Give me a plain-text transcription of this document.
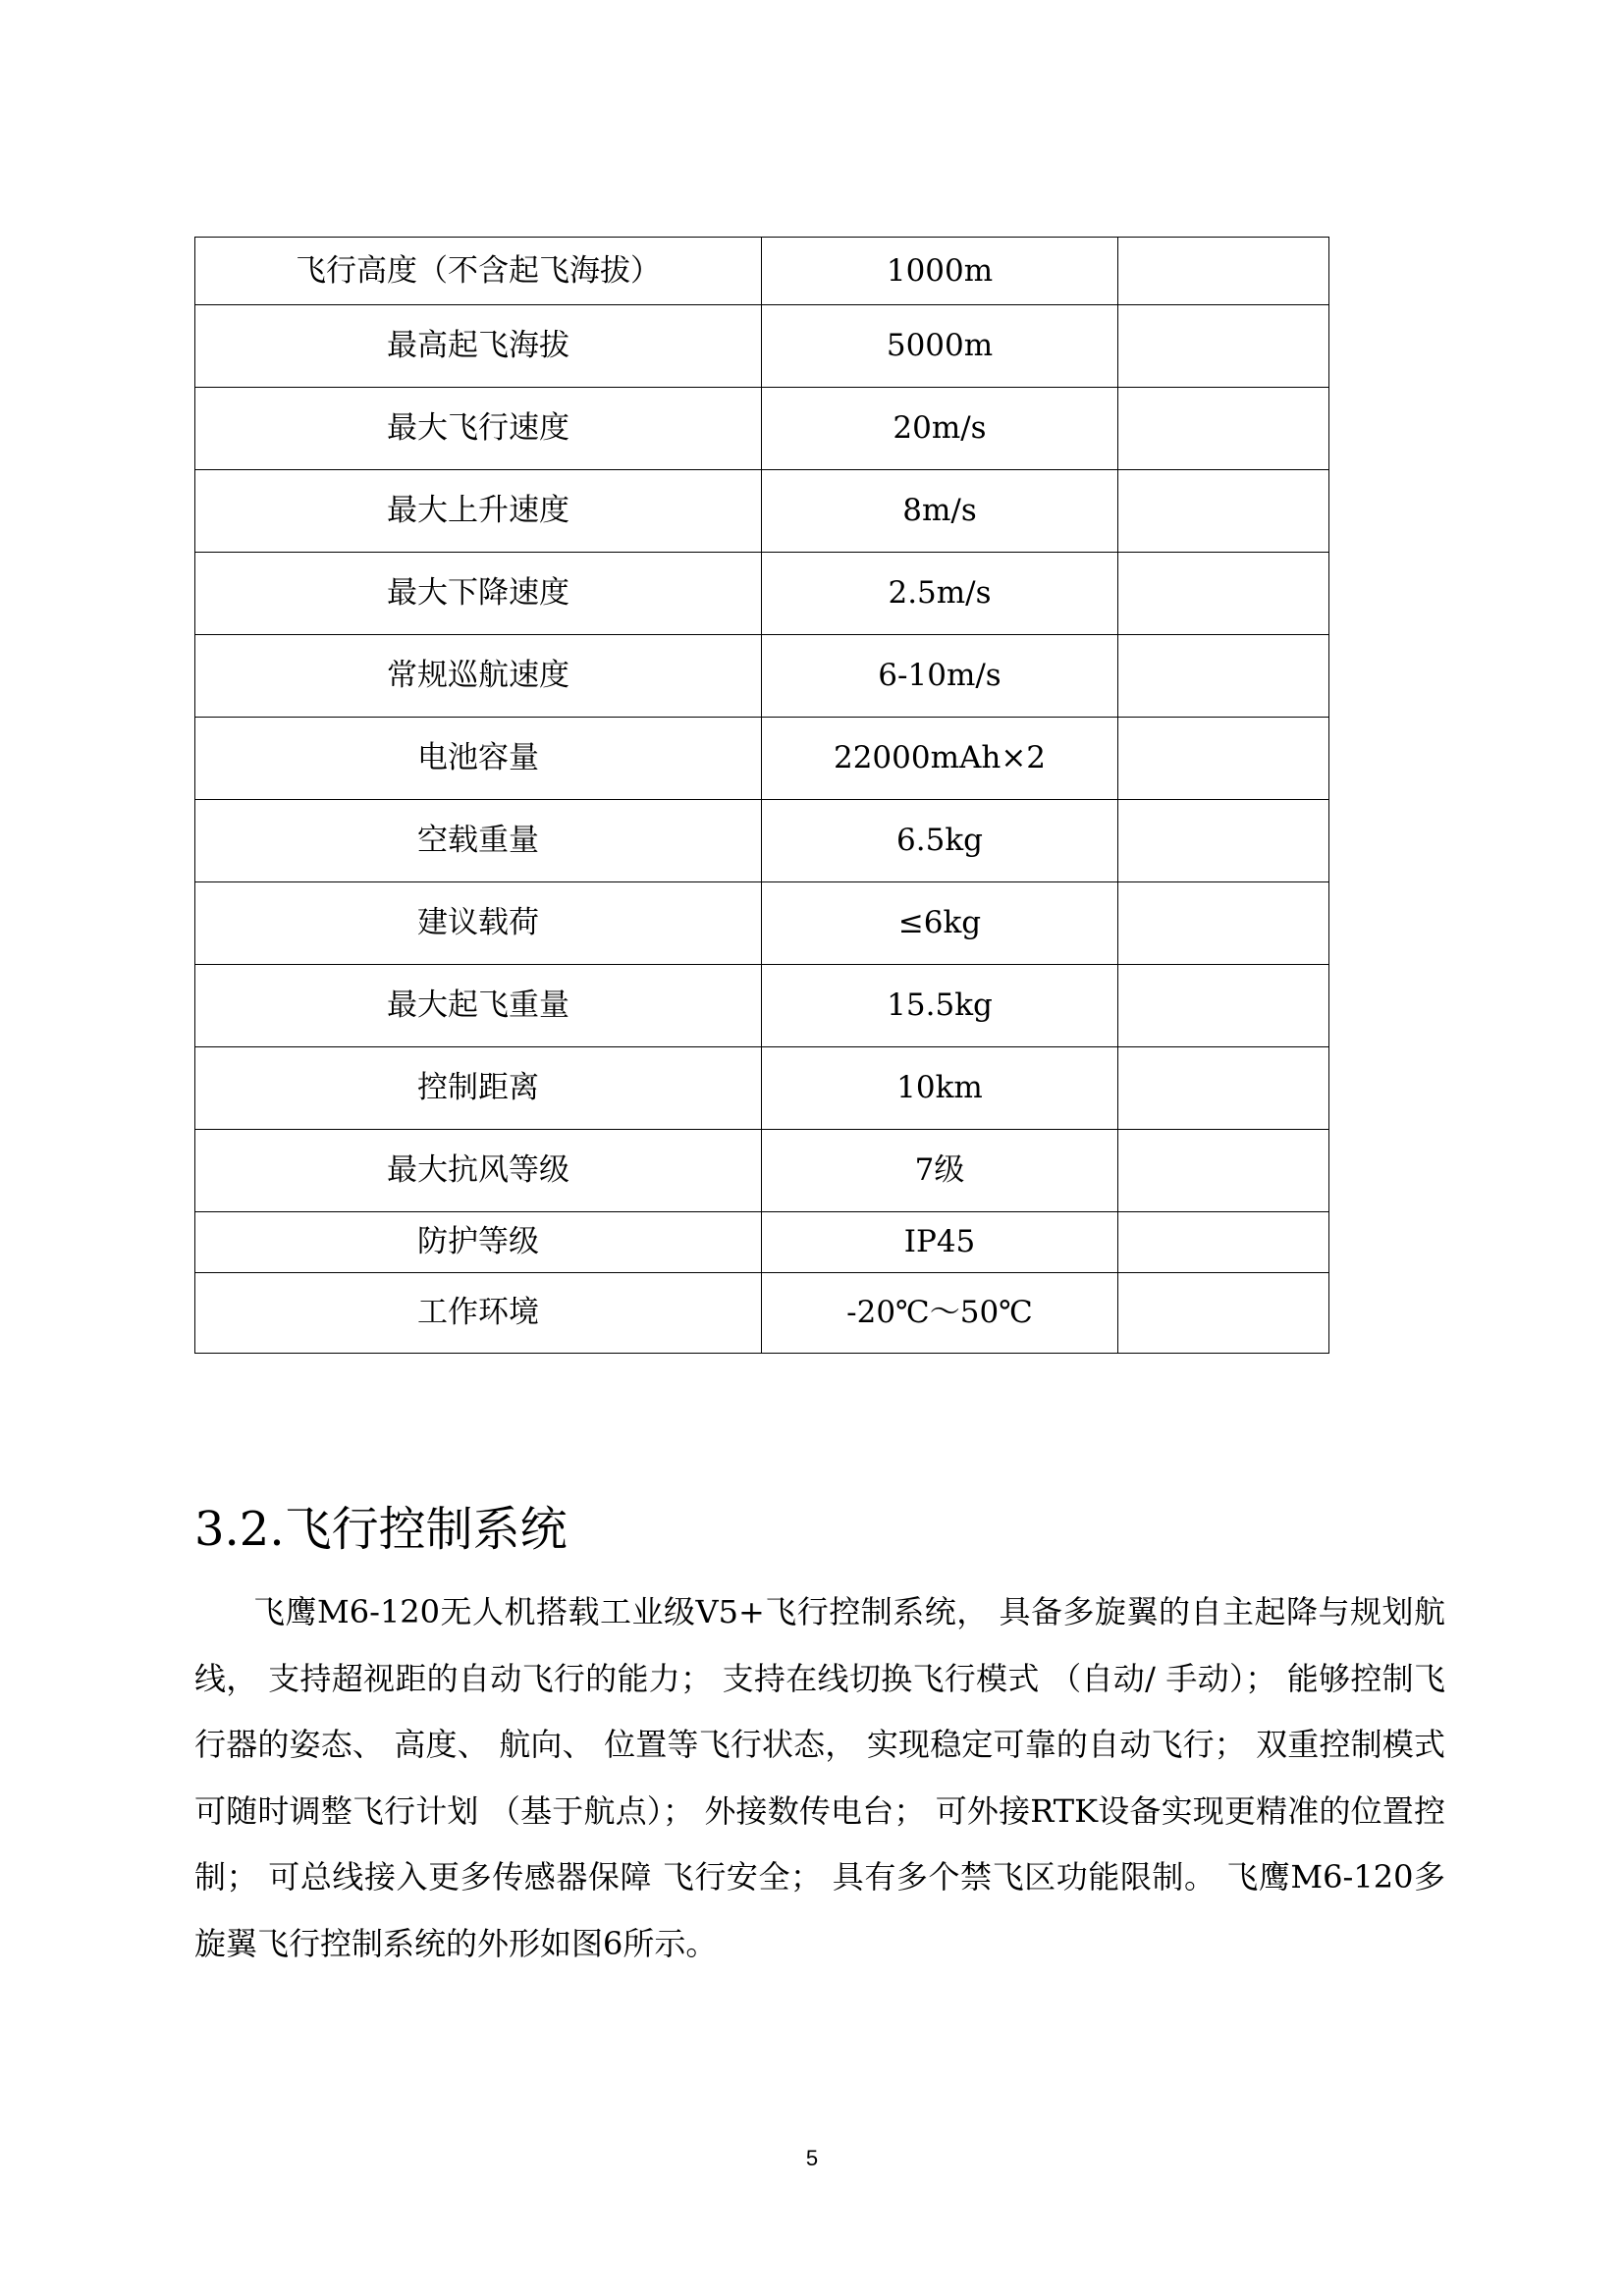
飞行高度（不含起飞海拔）	1000m	
最高起飞海拔	5000m	
最大飞行速度	20m/s	
最大上升速度	8m/s	
最大下降速度	2.5m/s	
常规巡航速度	6-10m/s	
电池容量	22000mAh×2	
空载重量	6.5kg	
建议载荷	≤6kg	
最大起飞重量	15.5kg	
控制距离	10km	
最大抗风等级	7级	
防护等级	IP45	
工作环境	-20℃～50℃	
3.2.飞行控制系统

飞鹰M6-120无人机搭载工业级V5+飞行控制系统， 具备多旋翼的自主起降与规划航线， 支持超视距的自动飞行的能力； 支持在线切换飞行模式 （自动/ 手动）； 能够控制飞行器的姿态、 高度、 航向、 位置等飞行状态， 实现稳定可靠的自动飞行； 双重控制模式可随时调整飞行计划 （基于航点）； 外接数传电台； 可外接RTK设备实现更精准的位置控制； 可总线接入更多传感器保障 飞行安全； 具有多个禁飞区功能限制。 飞鹰M6-120多旋翼飞行控制系统的外形如图6所示。

5
